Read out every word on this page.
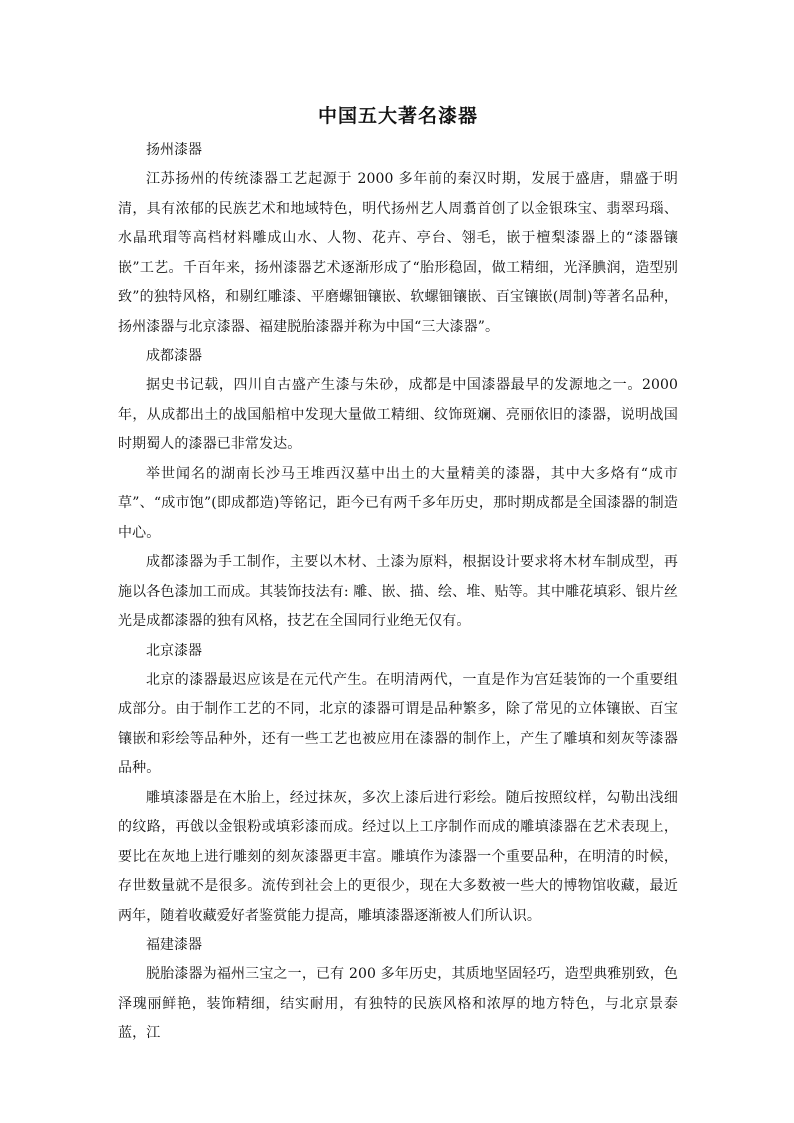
中国五大著名漆器

扬州漆器

江苏扬州的传统漆器工艺起源于 2000 多年前的秦汉时期，发展于盛唐，鼎盛于明清，具有浓郁的民族艺术和地域特色，明代扬州艺人周翥首创了以金银珠宝、翡翠玛瑙、水晶玳瑁等高档材料雕成山水、人物、花卉、亭台、翎毛，嵌于檀梨漆器上的“漆器镶嵌”工艺。千百年来，扬州漆器艺术逐渐形成了“胎形稳固，做工精细，光泽腆润，造型别致”的独特风格，和剔红雕漆、平磨螺钿镶嵌、软螺钿镶嵌、百宝镶嵌(周制)等著名品种，扬州漆器与北京漆器、福建脱胎漆器并称为中国“三大漆器”。

成都漆器

据史书记载，四川自古盛产生漆与朱砂，成都是中国漆器最早的发源地之一。2000 年，从成都出土的战国船棺中发现大量做工精细、纹饰斑斓、亮丽依旧的漆器，说明战国时期蜀人的漆器已非常发达。

举世闻名的湖南长沙马王堆西汉墓中出土的大量精美的漆器，其中大多烙有“成市草”、“成市饱”(即成都造)等铭记，距今已有两千多年历史，那时期成都是全国漆器的制造中心。

成都漆器为手工制作，主要以木材、土漆为原料，根据设计要求将木材车制成型，再施以各色漆加工而成。其装饰技法有: 雕、嵌、描、绘、堆、贴等。其中雕花填彩、银片丝光是成都漆器的独有风格，技艺在全国同行业绝无仅有。

北京漆器

北京的漆器最迟应该是在元代产生。在明清两代，一直是作为宫廷装饰的一个重要组成部分。由于制作工艺的不同，北京的漆器可谓是品种繁多，除了常见的立体镶嵌、百宝镶嵌和彩绘等品种外，还有一些工艺也被应用在漆器的制作上，产生了雕填和刻灰等漆器品种。

雕填漆器是在木胎上，经过抹灰，多次上漆后进行彩绘。随后按照纹样，勾勒出浅细的纹路，再戗以金银粉或填彩漆而成。经过以上工序制作而成的雕填漆器在艺术表现上，要比在灰地上进行雕刻的刻灰漆器更丰富。雕填作为漆器一个重要品种，在明清的时候，存世数量就不是很多。流传到社会上的更很少，现在大多数被一些大的博物馆收藏，最近两年，随着收藏爱好者鉴赏能力提高，雕填漆器逐渐被人们所认识。

福建漆器

脱胎漆器为福州三宝之一，已有 200 多年历史，其质地坚固轻巧，造型典雅别致，色泽瑰丽鲜艳，装饰精细，结实耐用，有独特的民族风格和浓厚的地方特色，与北京景泰蓝，江
